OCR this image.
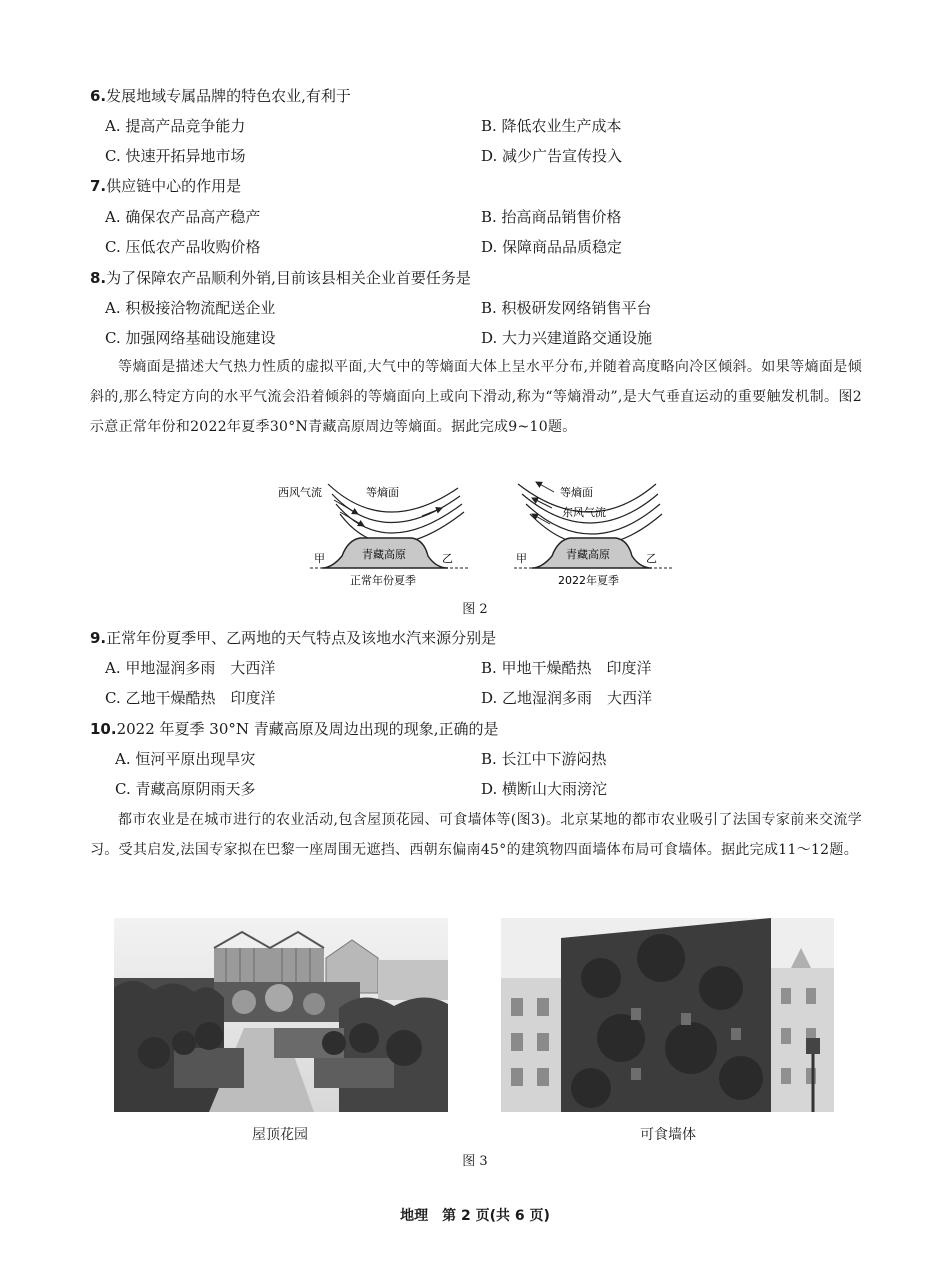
6.发展地域专属品牌的特色农业,有利于
A. 提高产品竞争能力	B. 降低农业生产成本
C. 快速开拓异地市场	D. 减少广告宣传投入
7.供应链中心的作用是
A. 确保农产品高产稳产	B. 抬高商品销售价格
C. 压低农产品收购价格	D. 保障商品品质稳定
8.为了保障农产品顺利外销,目前该县相关企业首要任务是
A. 积极接洽物流配送企业	B. 积极研发网络销售平台
C. 加强网络基础设施建设	D. 大力兴建道路交通设施
等熵面是描述大气热力性质的虚拟平面,大气中的等熵面大体上呈水平分布,并随着高度略向冷区倾斜。如果等熵面是倾斜的,那么特定方向的水平气流会沿着倾斜的等熵面向上或向下滑动,称为“等熵滑动”,是大气垂直运动的重要触发机制。图2示意正常年份和2022年夏季30°N青藏高原周边等熵面。据此完成9~10题。
西风气流	等熵面
青藏高原
甲	乙
正常年份夏季
等熵面
东风气流
青藏高原
甲	乙
2022年夏季
图 2
9.正常年份夏季甲、乙两地的天气特点及该地水汽来源分别是
A. 甲地湿润多雨　大西洋	B. 甲地干燥酷热　印度洋
C. 乙地干燥酷热　印度洋	D. 乙地湿润多雨　大西洋
10.2022 年夏季 30°N 青藏高原及周边出现的现象,正确的是
A. 恒河平原出现旱灾	B. 长江中下游闷热
C. 青藏高原阴雨天多	D. 横断山大雨滂沱
都市农业是在城市进行的农业活动,包含屋顶花园、可食墙体等(图3)。北京某地的都市农业吸引了法国专家前来交流学习。受其启发,法国专家拟在巴黎一座周围无遮挡、西朝东偏南45°的建筑物四面墙体布局可食墙体。据此完成11～12题。
屋顶花园	可食墙体
图 3
地理　第 2 页(共 6 页)
